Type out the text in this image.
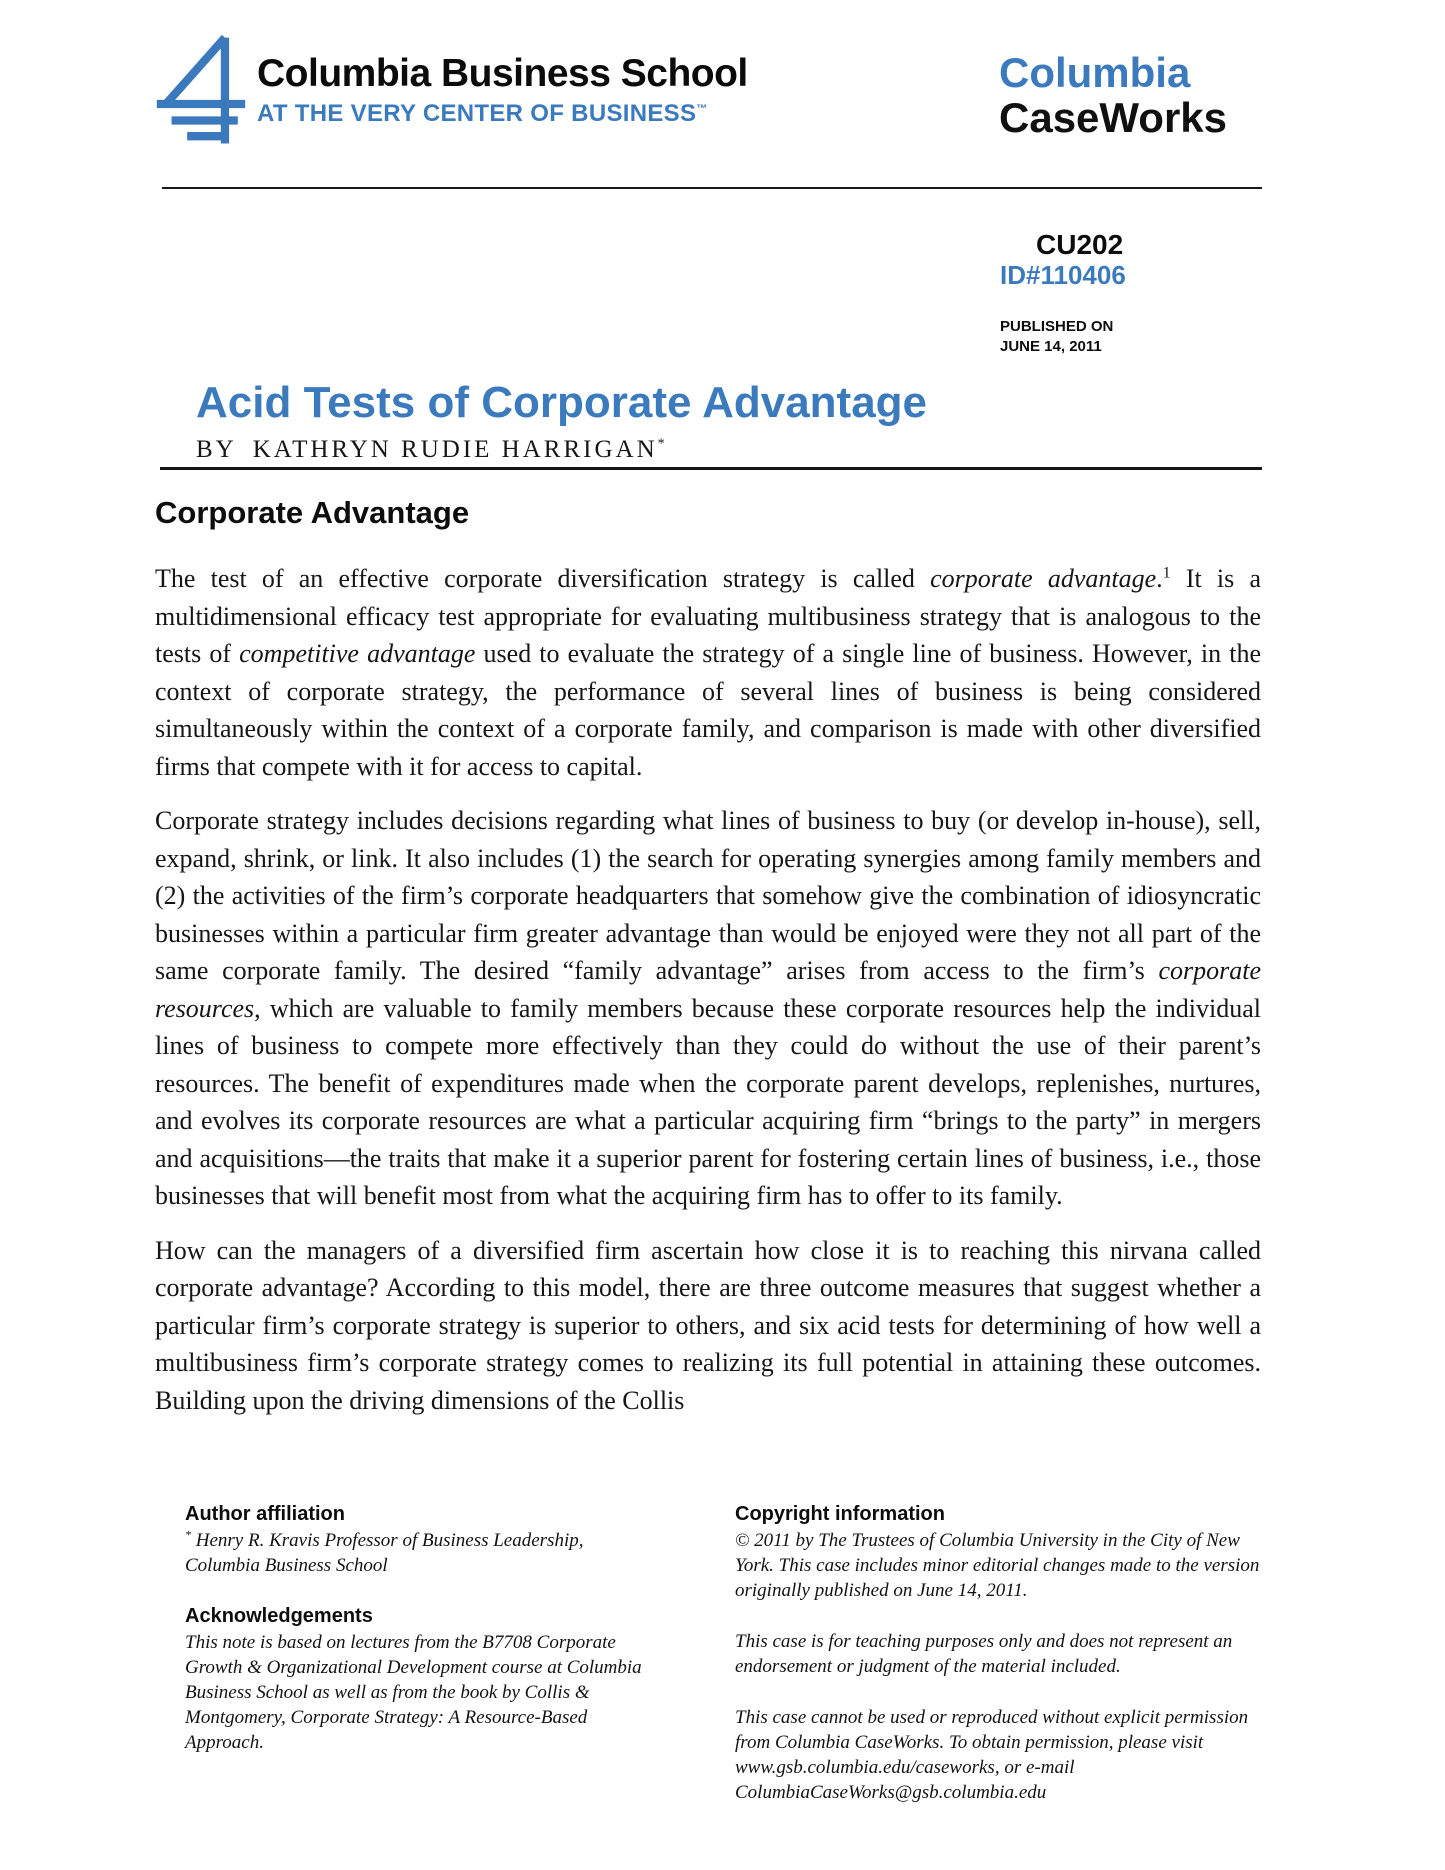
Columbia Business School
AT THE VERY CENTER OF BUSINESS™
Columbia
CaseWorks
CU202
ID#110406
PUBLISHED ON
JUNE 14, 2011
Acid Tests of Corporate Advantage
BY KATHRYN RUDIE HARRIGAN*
Corporate Advantage

The test of an effective corporate diversification strategy is called corporate advantage.$^1$ It is a multidimensional efficacy test appropriate for evaluating multibusiness strategy that is analogous to the tests of competitive advantage used to evaluate the strategy of a single line of business. However, in the context of corporate strategy, the performance of several lines of business is being considered simultaneously within the context of a corporate family, and comparison is made with other diversified firms that compete with it for access to capital.

Corporate strategy includes decisions regarding what lines of business to buy (or develop in-house), sell, expand, shrink, or link. It also includes (1) the search for operating synergies among family members and (2) the activities of the firm’s corporate headquarters that somehow give the combination of idiosyncratic businesses within a particular firm greater advantage than would be enjoyed were they not all part of the same corporate family. The desired “family advantage” arises from access to the firm’s corporate resources, which are valuable to family members because these corporate resources help the individual lines of business to compete more effectively than they could do without the use of their parent’s resources. The benefit of expenditures made when the corporate parent develops, replenishes, nurtures, and evolves its corporate resources are what a particular acquiring firm “brings to the party” in mergers and acquisitions—the traits that make it a superior parent for fostering certain lines of business, i.e., those businesses that will benefit most from what the acquiring firm has to offer to its family.

How can the managers of a diversified firm ascertain how close it is to reaching this nirvana called corporate advantage? According to this model, there are three outcome measures that suggest whether a particular firm’s corporate strategy is superior to others, and six acid tests for determining of how well a multibusiness firm’s corporate strategy comes to realizing its full potential in attaining these outcomes. Building upon the driving dimensions of the Collis

Author affiliation

* Henry R. Kravis Professor of Business Leadership, Columbia Business School

Acknowledgements

This note is based on lectures from the B7708 Corporate Growth & Organizational Development course at Columbia Business School as well as from the book by Collis & Montgomery, Corporate Strategy: A Resource-Based Approach.

Copyright information

© 2011 by The Trustees of Columbia University in the City of New York. This case includes minor editorial changes made to the version originally published on June 14, 2011.

This case is for teaching purposes only and does not represent an endorsement or judgment of the material included.

This case cannot be used or reproduced without explicit permission from Columbia CaseWorks. To obtain permission, please visit www.gsb.columbia.edu/caseworks, or e-mail ColumbiaCaseWorks@gsb.columbia.edu
